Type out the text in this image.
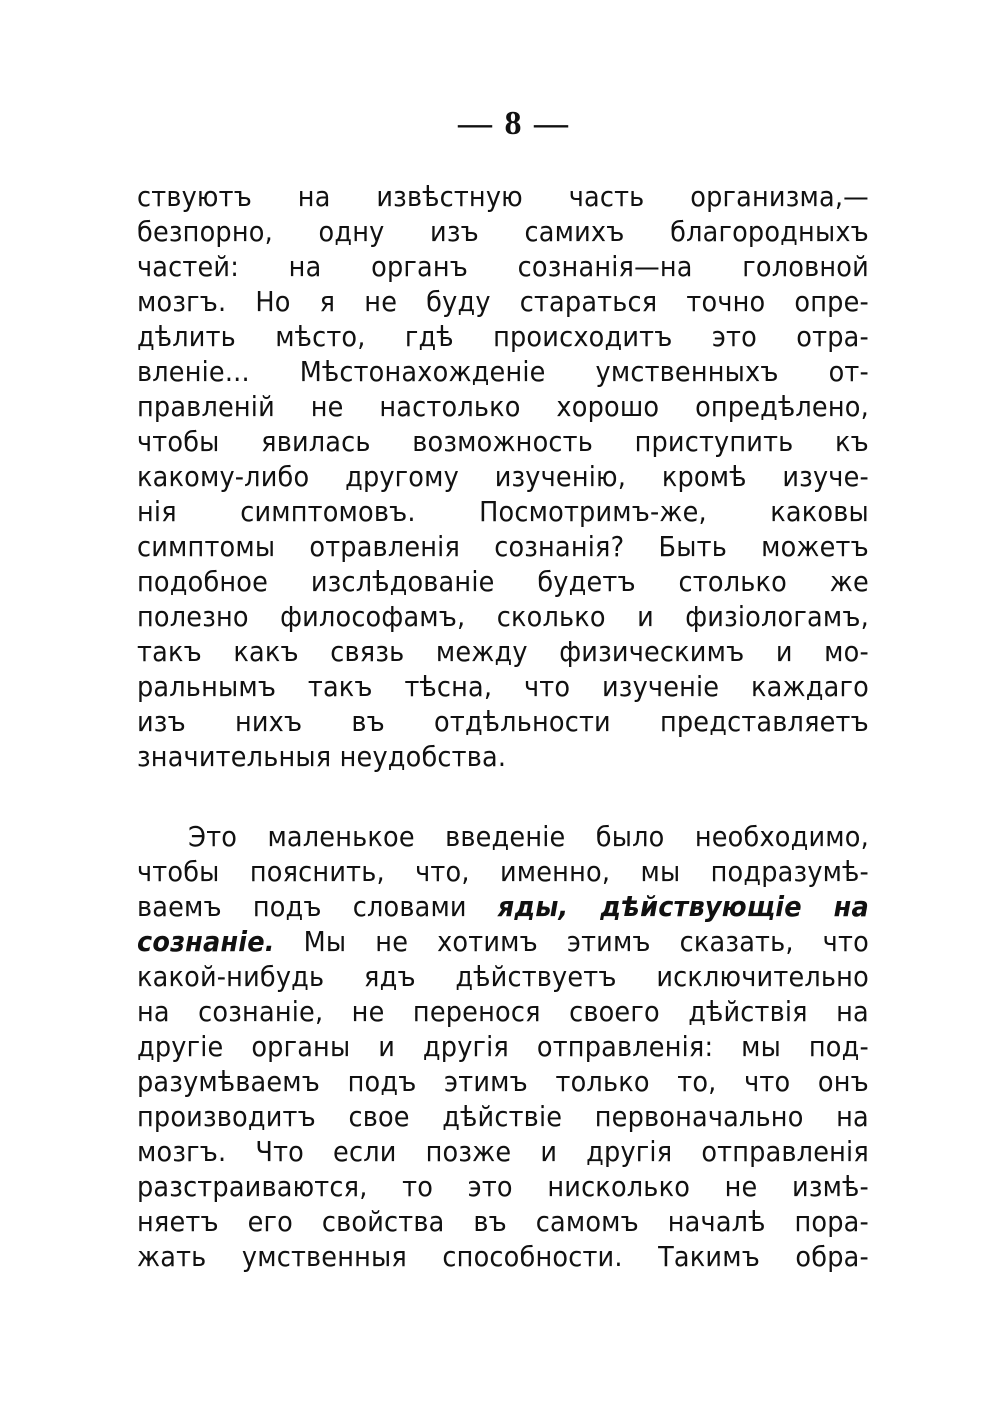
— 8 —
ствуютъ на извѣстную часть организма,—
безпорно, одну изъ самихъ благородныхъ
частей: на органъ сознанія—на головной
мозгъ. Но я не буду стараться точно опре-
дѣлить мѣсто, гдѣ происходитъ это отра-
вленіе... Мѣстонахожденіе умственныхъ от-
правленій не настолько хорошо опредѣлено,
чтобы явилась возможность приступить къ
какому-либо другому изученію, кромѣ изуче-
нія симптомовъ. Посмотримъ-же, каковы
симптомы отравленія сознанія? Быть можетъ
подобное изслѣдованіе будетъ столько же
полезно философамъ, сколько и физіологамъ,
такъ какъ связь между физическимъ и мо-
ральнымъ такъ тѣсна, что изученіе каждаго
изъ нихъ въ отдѣльности представляетъ
значительныя неудобства.
Это маленькое введеніе было необходимо,
чтобы пояснить, что, именно, мы подразумѣ-
ваемъ подъ словами яды, дѣйствующіе на
сознаніе. Мы не хотимъ этимъ сказать, что
какой-нибудь ядъ дѣйствуетъ исключительно
на сознаніе, не перенося своего дѣйствія на
другіе органы и другія отправленія: мы под-
разумѣваемъ подъ этимъ только то, что онъ
производитъ свое дѣйствіе первоначально на
мозгъ. Что если позже и другія отправленія
разстраиваются, то это нисколько не измѣ-
няетъ его свойства въ самомъ началѣ пора-
жать умственныя способности. Такимъ обра-
